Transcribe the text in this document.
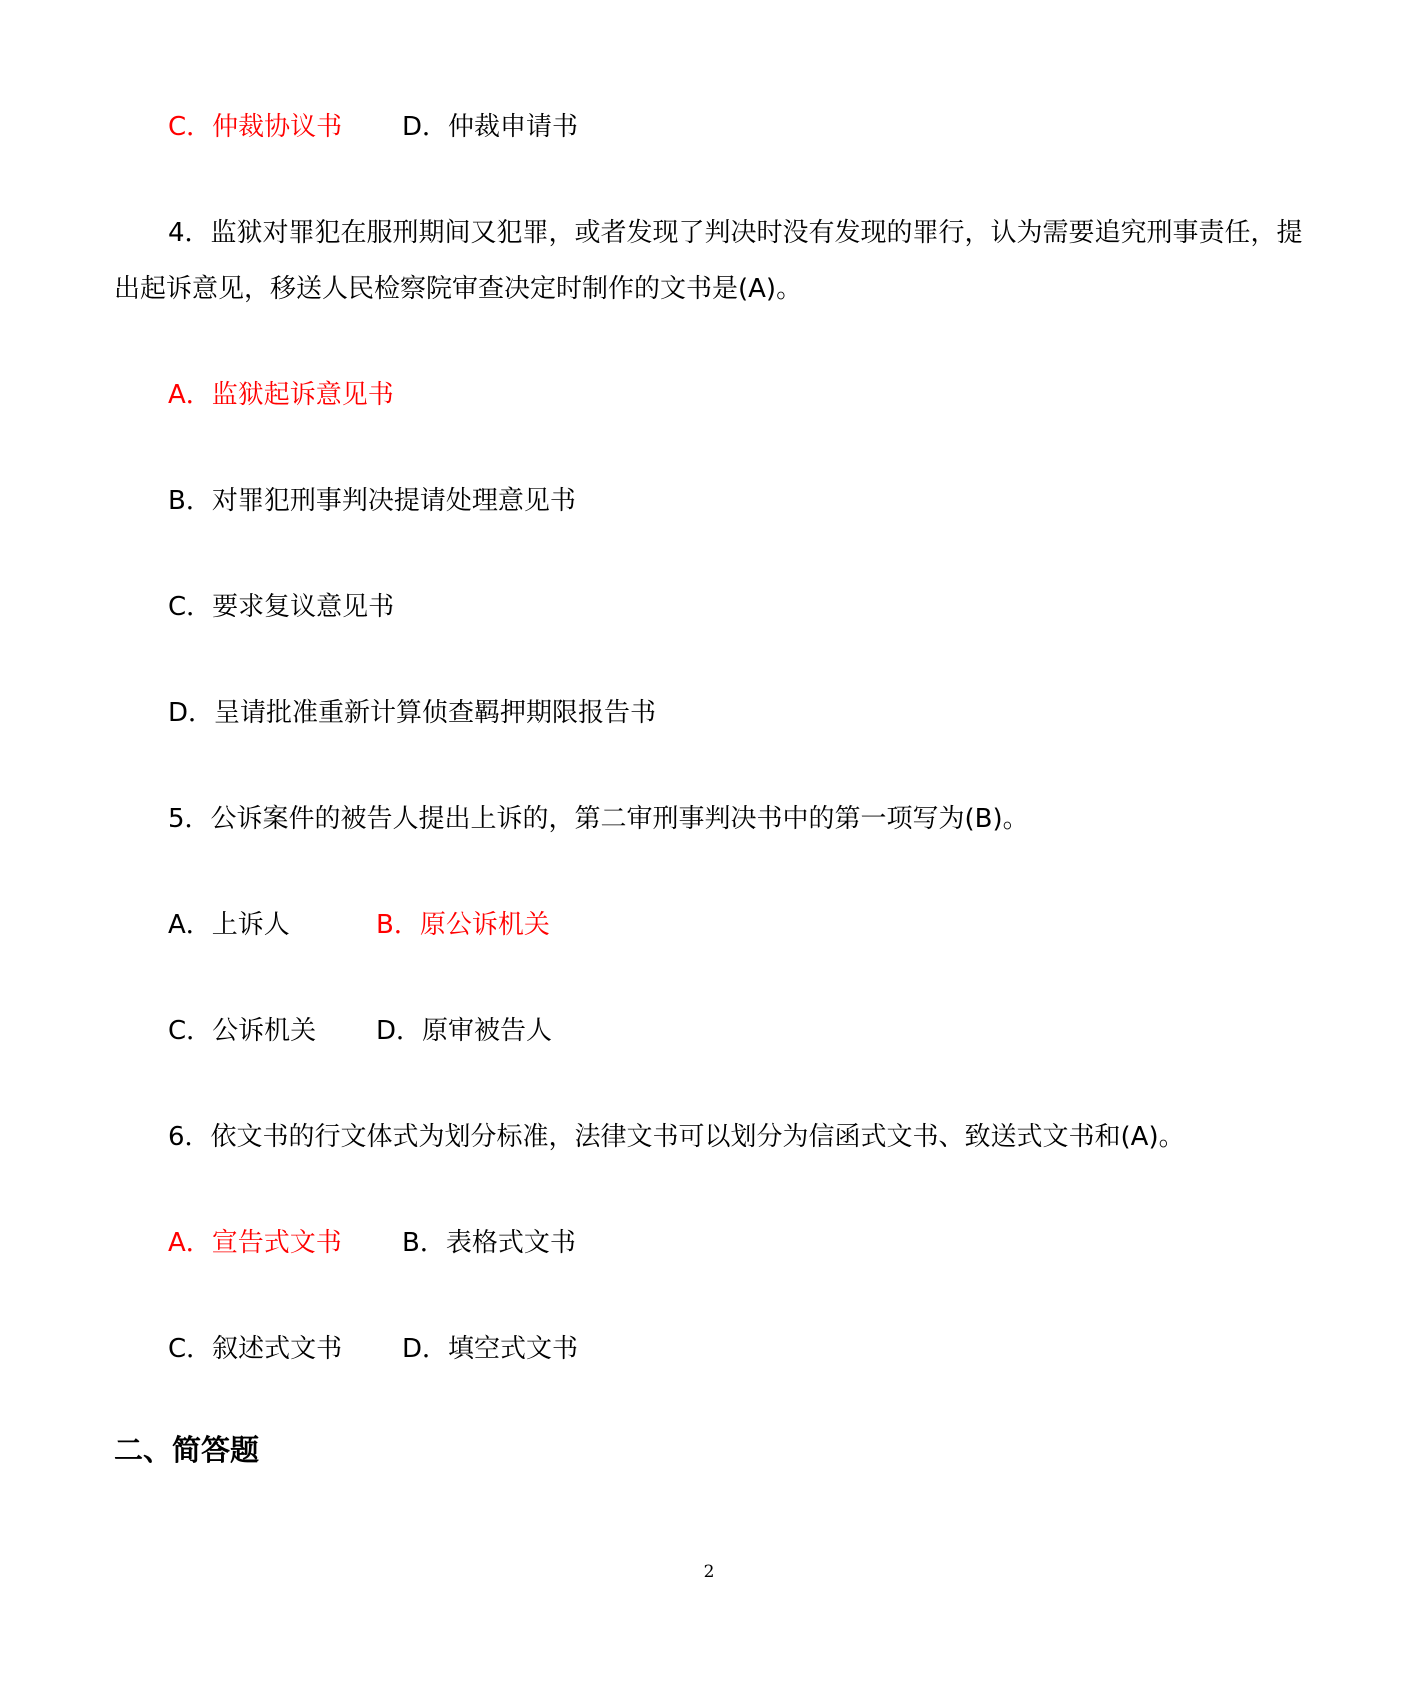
C．仲裁协议书 D．仲裁申请书
4．监狱对罪犯在服刑期间又犯罪，或者发现了判决时没有发现的罪行，认为需要追究刑事责任，提出起诉意见，移送人民检察院审查决定时制作的文书是(A)。
A．监狱起诉意见书
B．对罪犯刑事判决提请处理意见书
C．要求复议意见书
D．呈请批准重新计算侦查羁押期限报告书
5．公诉案件的被告人提出上诉的，第二审刑事判决书中的第一项写为(B)。
A．上诉人	B．原公诉机关
C．公诉机关 D．原审被告人
6．依文书的行文体式为划分标准，法律文书可以划分为信函式文书、致送式文书和(A)。
A．宣告式文书 B．表格式文书
C．叙述式文书 D．填空式文书
二、简答题
2
